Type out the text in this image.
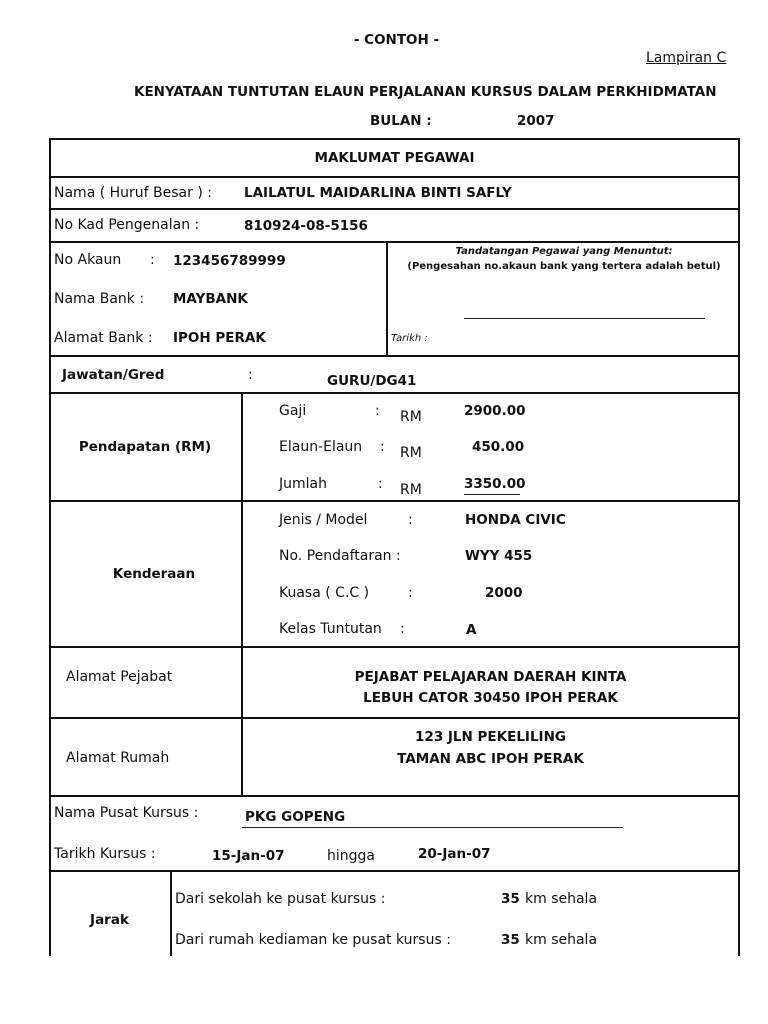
- CONTOH -
Lampiran C
KENYATAAN TUNTUTAN ELAUN PERJALANAN KURSUS DALAM PERKHIDMATAN
BULAN :	2007
MAKLUMAT PEGAWAI
Nama ( Huruf Besar ) : LAILATUL MAIDARLINA BINTI SAFLY
No Kad Pengenalan :	810924-08-5156
No Akaun : 123456789999
Nama Bank : MAYBANK
Alamat Bank : IPOH PERAK
Tandatangan Pegawai yang Menuntut:
(Pengesahan no.akaun bank yang tertera adalah betul)
Tarikh :
Jawatan/Gred	:	GURU/DG41
Pendapatan (RM)
Gaji	: RM	2900.00
Elaun-Elaun : RM	450.00
Jumlah	: RM	3350.00
Kenderaan
Jenis / Model	:	HONDA CIVIC
No. Pendaftaran :	WYY 455
Kuasa ( C.C )	:	2000
Kelas Tuntutan :	A
Alamat Pejabat	PEJABAT PELAJARAN DAERAH KINTA
LEBUH CATOR 30450 IPOH PERAK
Alamat Rumah
123 JLN PEKELILING
TAMAN ABC IPOH PERAK
Nama Pusat Kursus :	PKG GOPENG
Tarikh Kursus :	15-Jan-07	hingga	20-Jan-07
Jarak
Dari sekolah ke pusat kursus :	35 km sehala
Dari rumah kediaman ke pusat kursus :	35 km sehala
